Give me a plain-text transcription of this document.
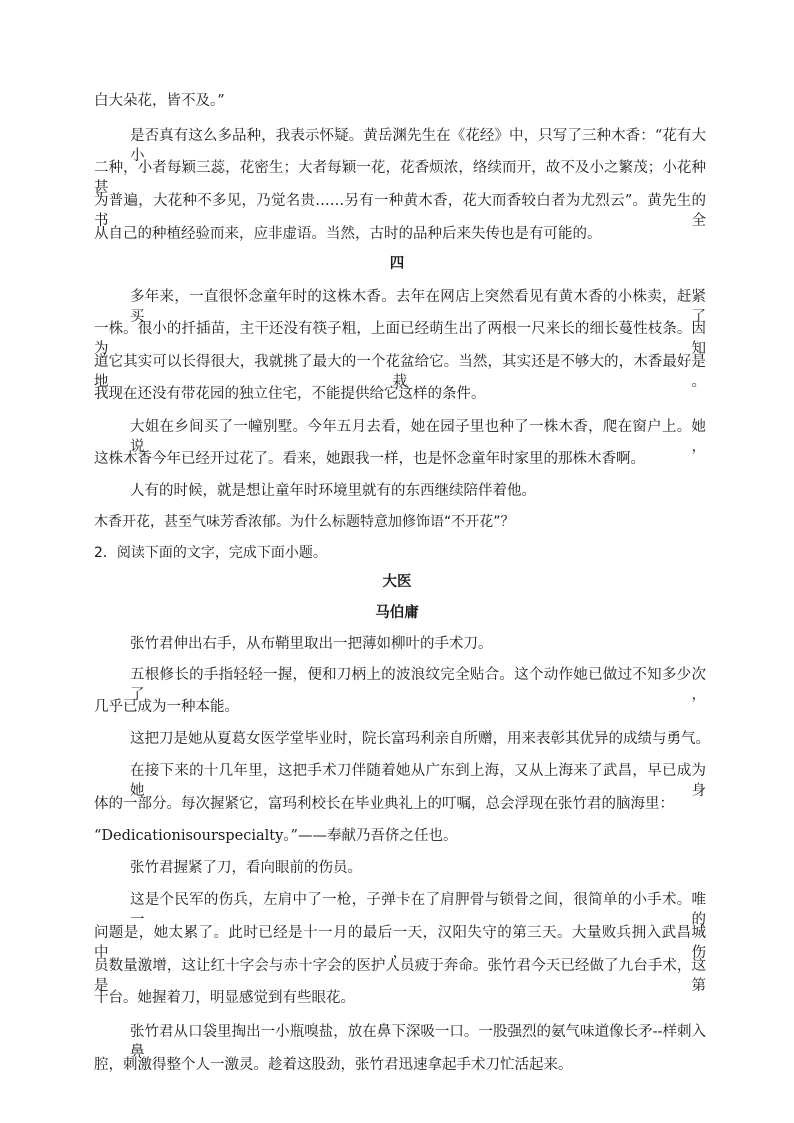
白大朵花，皆不及。”
是否真有这么多品种，我表示怀疑。黄岳渊先生在《花经》中，只写了三种木香：“花有大小
二种，小者每颖三蕊，花密生；大者每颖一花，花香烦浓，络续而开，故不及小之繁茂；小花种甚
为普遍，大花种不多见，乃觉名贵……另有一种黄木香，花大而香较白者为尤烈云”。黄先生的书全
从自己的种植经验而来，应非虚语。当然，古时的品种后来失传也是有可能的。
四
多年来，一直很怀念童年时的这株木香。去年在网店上突然看见有黄木香的小株卖，赶紧买了
一株。很小的扦插苗，主干还没有筷子粗，上面已经萌生出了两根一尺来长的细长蔓性枝条。因为知
道它其实可以长得很大，我就挑了最大的一个花盆给它。当然，其实还是不够大的，木香最好是地栽。
我现在还没有带花园的独立住宅，不能提供给它这样的条件。
大姐在乡间买了一幢别墅。今年五月去看，她在园子里也种了一株木香，爬在窗户上。她说，
这株木香今年已经开过花了。看来，她跟我一样，也是怀念童年时家里的那株木香啊。
人有的时候，就是想让童年时环境里就有的东西继续陪伴着他。
木香开花，甚至气味芳香浓郁。为什么标题特意加修饰语“不开花”？
2．阅读下面的文字，完成下面小题。
大医
马伯庸
张竹君伸出右手，从布鞘里取出一把薄如柳叶的手术刀。
五根修长的手指轻轻一握，便和刀柄上的波浪纹完全贴合。这个动作她已做过不知多少次了，
几乎已成为一种本能。
这把刀是她从夏葛女医学堂毕业时，院长富玛利亲自所赠，用来表彰其优异的成绩与勇气。
在接下来的十几年里，这把手术刀伴随着她从广东到上海，又从上海来了武昌，早已成为她身
体的一部分。每次握紧它，富玛利校长在毕业典礼上的叮嘱，总会浮现在张竹君的脑海里：
“Dedicationisourspecialty。”——奉献乃吾侪之任也。
张竹君握紧了刀，看向眼前的伤员。
这是个民军的伤兵，左肩中了一枪，子弹卡在了肩胛骨与锁骨之间，很简单的小手术。唯一的
问题是，她太累了。此时已经是十一月的最后一天，汉阳失守的第三天。大量败兵拥入武昌城中，伤
员数量激增，这让红十字会与赤十字会的医护人员疲于奔命。张竹君今天已经做了九台手术，这是第
十台。她握着刀，明显感觉到有些眼花。
张竹君从口袋里掏出一小瓶嗅盐，放在鼻下深吸一口。一股强烈的氨气味道像长矛--样刺入鼻
腔，刺激得整个人一激灵。趁着这股劲，张竹君迅速拿起手术刀忙活起来。
